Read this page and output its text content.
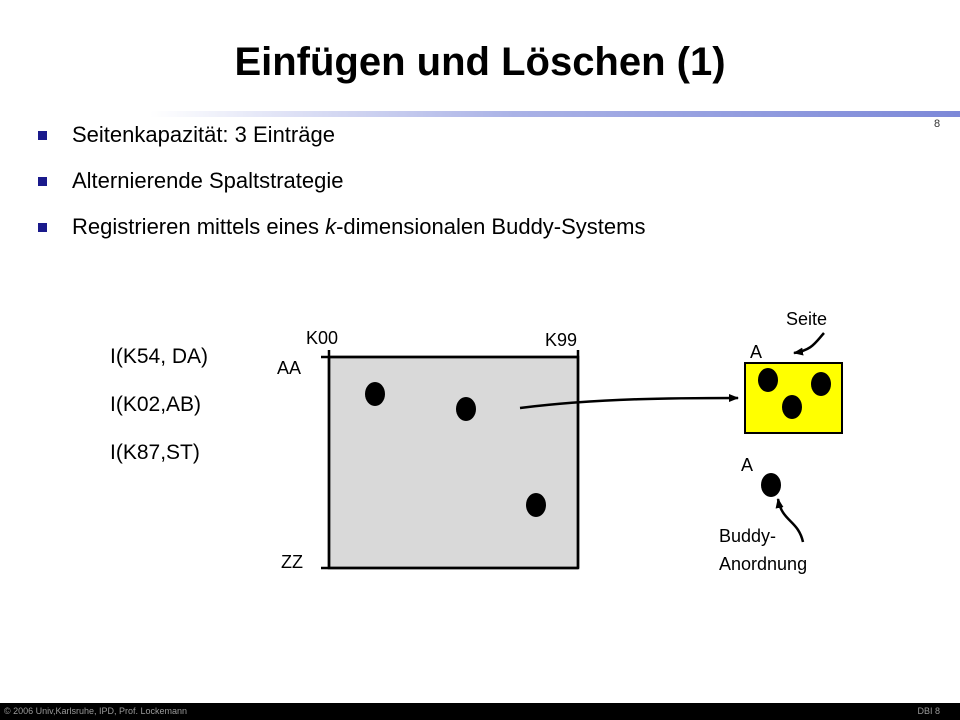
Einfügen und Löschen (1)
8
Seitenkapazität: 3 Einträge
Alternierende Spaltstrategie
Registrieren mittels eines k-dimensionalen Buddy-Systems
I(K54, DA)
I(K02,AB)
I(K87,ST)
K00	K99
AA
ZZ
Seite
A
A
Buddy-
Anordnung
© 2006 Univ,Karlsruhe, IPD, Prof. Lockemann	DBI 8
